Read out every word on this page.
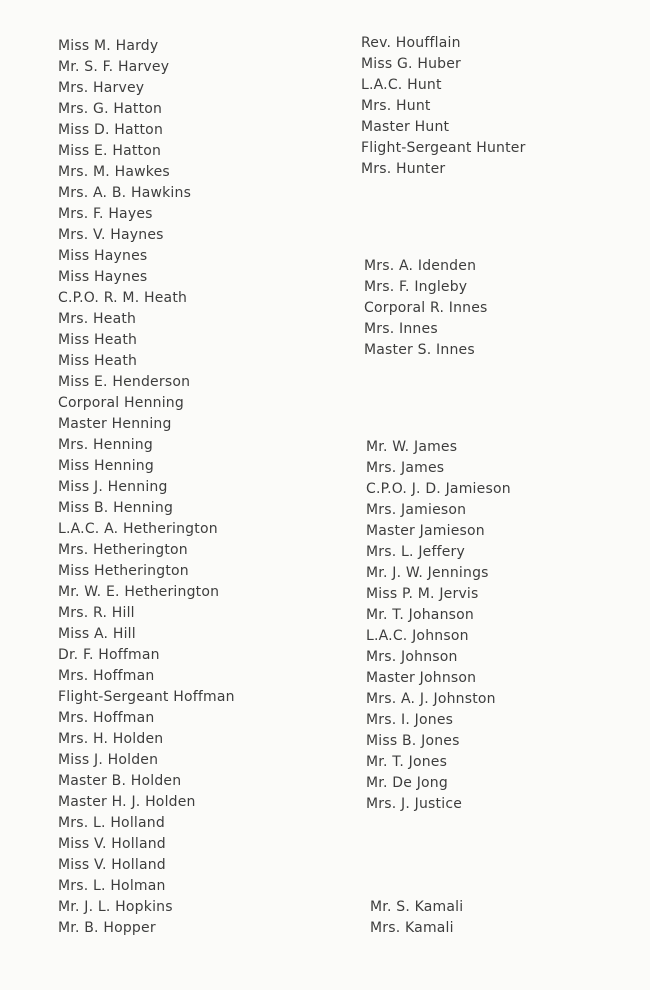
Miss M. Hardy
Mr. S. F. Harvey
Mrs. Harvey
Mrs. G. Hatton
Miss D. Hatton
Miss E. Hatton
Mrs. M. Hawkes
Mrs. A. B. Hawkins
Mrs. F. Hayes
Mrs. V. Haynes
Miss Haynes
Miss Haynes
C.P.O. R. M. Heath
Mrs. Heath
Miss Heath
Miss Heath
Miss E. Henderson
Corporal Henning
Master Henning
Mrs. Henning
Miss Henning
Miss J. Henning
Miss B. Henning
L.A.C. A. Hetherington
Mrs. Hetherington
Miss Hetherington
Mr. W. E. Hetherington
Mrs. R. Hill
Miss A. Hill
Dr. F. Hoffman
Mrs. Hoffman
Flight-Sergeant Hoffman
Mrs. Hoffman
Mrs. H. Holden
Miss J. Holden
Master B. Holden
Master H. J. Holden
Mrs. L. Holland
Miss V. Holland
Miss V. Holland
Mrs. L. Holman
Mr. J. L. Hopkins
Mr. B. Hopper
Rev. Houfflain
Miss G. Huber
L.A.C. Hunt
Mrs. Hunt
Master Hunt
Flight-Sergeant Hunter
Mrs. Hunter
Mrs. A. Idenden
Mrs. F. Ingleby
Corporal R. Innes
Mrs. Innes
Master S. Innes
Mr. W. James
Mrs. James
C.P.O. J. D. Jamieson
Mrs. Jamieson
Master Jamieson
Mrs. L. Jeffery
Mr. J. W. Jennings
Miss P. M. Jervis
Mr. T. Johanson
L.A.C. Johnson
Mrs. Johnson
Master Johnson
Mrs. A. J. Johnston
Mrs. I. Jones
Miss B. Jones
Mr. T. Jones
Mr. De Jong
Mrs. J. Justice
Mr. S. Kamali
Mrs. Kamali
